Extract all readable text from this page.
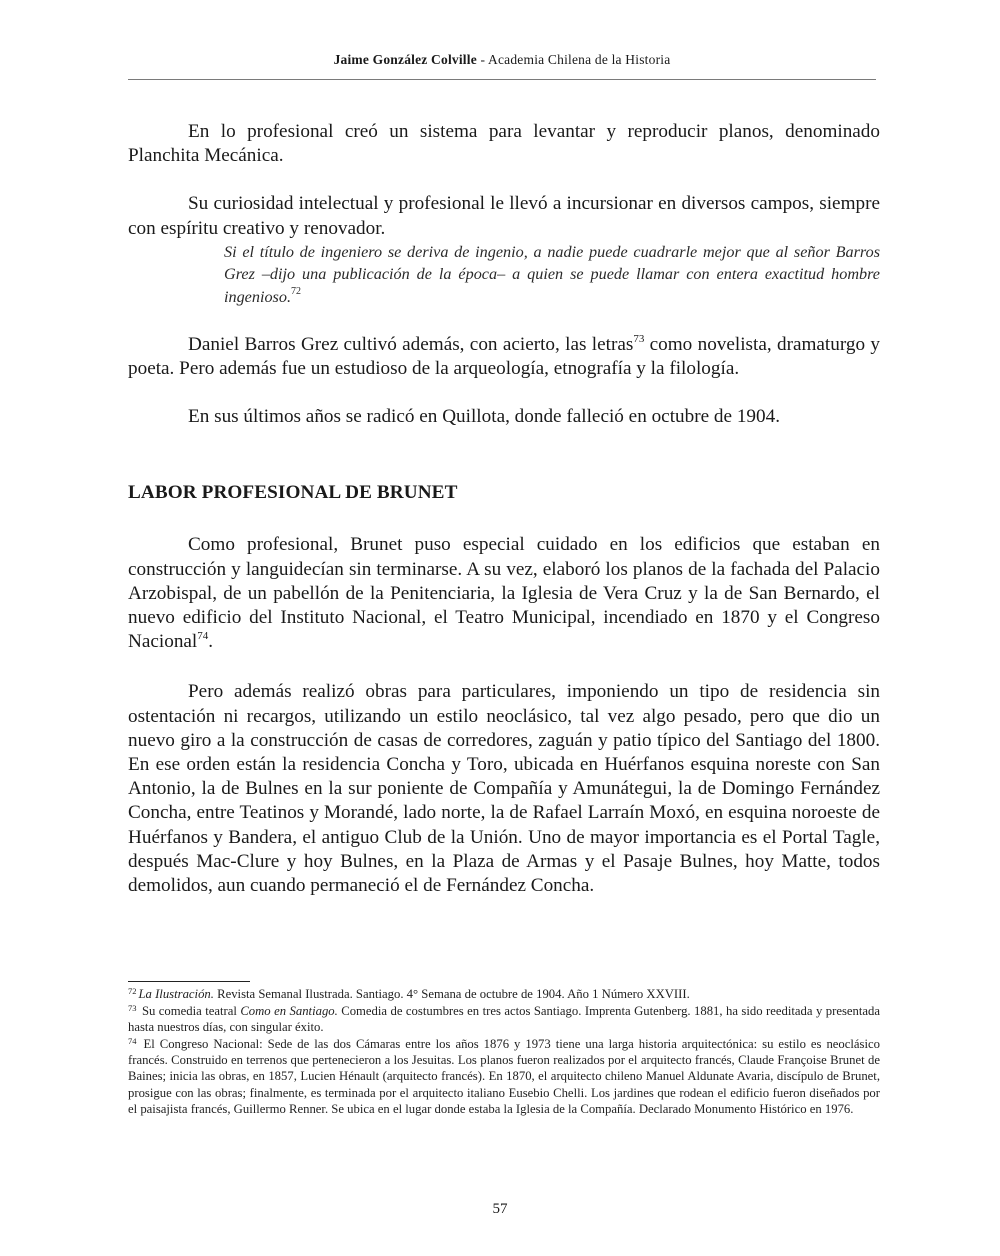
Jaime González Colville - Academia Chilena de la Historia

En lo profesional creó un sistema para levantar y reproducir planos, denominado Planchita Mecánica.

Su curiosidad intelectual y profesional le llevó a incursionar en diversos campos, siempre con espíritu creativo y renovador.

Si el título de ingeniero se deriva de ingenio, a nadie puede cuadrarle mejor que al señor Barros Grez –dijo una publicación de la época– a quien se puede llamar con entera exactitud hombre ingenioso.$^{72}$

Daniel Barros Grez cultivó además, con acierto, las letras$^{73}$ como novelista, dramaturgo y poeta. Pero además fue un estudioso de la arqueología, etnografía y la filología.

En sus últimos años se radicó en Quillota, donde falleció en octubre de 1904.

LABOR PROFESIONAL DE BRUNET

Como profesional, Brunet puso especial cuidado en los edificios que estaban en construcción y languidecían sin terminarse. A su vez, elaboró los planos de la fachada del Palacio Arzobispal, de un pabellón de la Penitenciaria, la Iglesia de Vera Cruz y la de San Bernardo, el nuevo edificio del Instituto Nacional, el Teatro Municipal, incendiado en 1870 y el Congreso Nacional$^{74}$.

Pero además realizó obras para particulares, imponiendo un tipo de residencia sin ostentación ni recargos, utilizando un estilo neoclásico, tal vez algo pesado, pero que dio un nuevo giro a la construcción de casas de corredores, zaguán y patio típico del Santiago del 1800. En ese orden están la residencia Concha y Toro, ubicada en Huérfanos esquina noreste con San Antonio, la de Bulnes en la sur poniente de Compañía y Amunátegui, la de Domingo Fernández Concha, entre Teatinos y Morandé, lado norte, la de Rafael Larraín Moxó, en esquina noroeste de Huérfanos y Bandera, el antiguo Club de la Unión. Uno de mayor importancia es el Portal Tagle, después Mac-Clure y hoy Bulnes, en la Plaza de Armas y el Pasaje Bulnes, hoy Matte, todos demolidos, aun cuando permaneció el de Fernández Concha.

$^{72}$ La Ilustración. Revista Semanal Ilustrada. Santiago. 4° Semana de octubre de 1904. Año 1 Número XXVIII.

$^{73}$ Su comedia teatral Como en Santiago. Comedia de costumbres en tres actos Santiago. Imprenta Gutenberg. 1881, ha sido reeditada y presentada hasta nuestros días, con singular éxito.

$^{74}$ El Congreso Nacional: Sede de las dos Cámaras entre los años 1876 y 1973 tiene una larga historia arquitectónica: su estilo es neoclásico francés. Construido en terrenos que pertenecieron a los Jesuitas. Los planos fueron realizados por el arquitecto francés, Claude Françoise Brunet de Baines; inicia las obras, en 1857, Lucien Hénault (arquitecto francés). En 1870, el arquitecto chileno Manuel Aldunate Avaria, discípulo de Brunet, prosigue con las obras; finalmente, es terminada por el arquitecto italiano Eusebio Chelli. Los jardines que rodean el edificio fueron diseñados por el paisajista francés, Guillermo Renner. Se ubica en el lugar donde estaba la Iglesia de la Compañía. Declarado Monumento Histórico en 1976.

57
